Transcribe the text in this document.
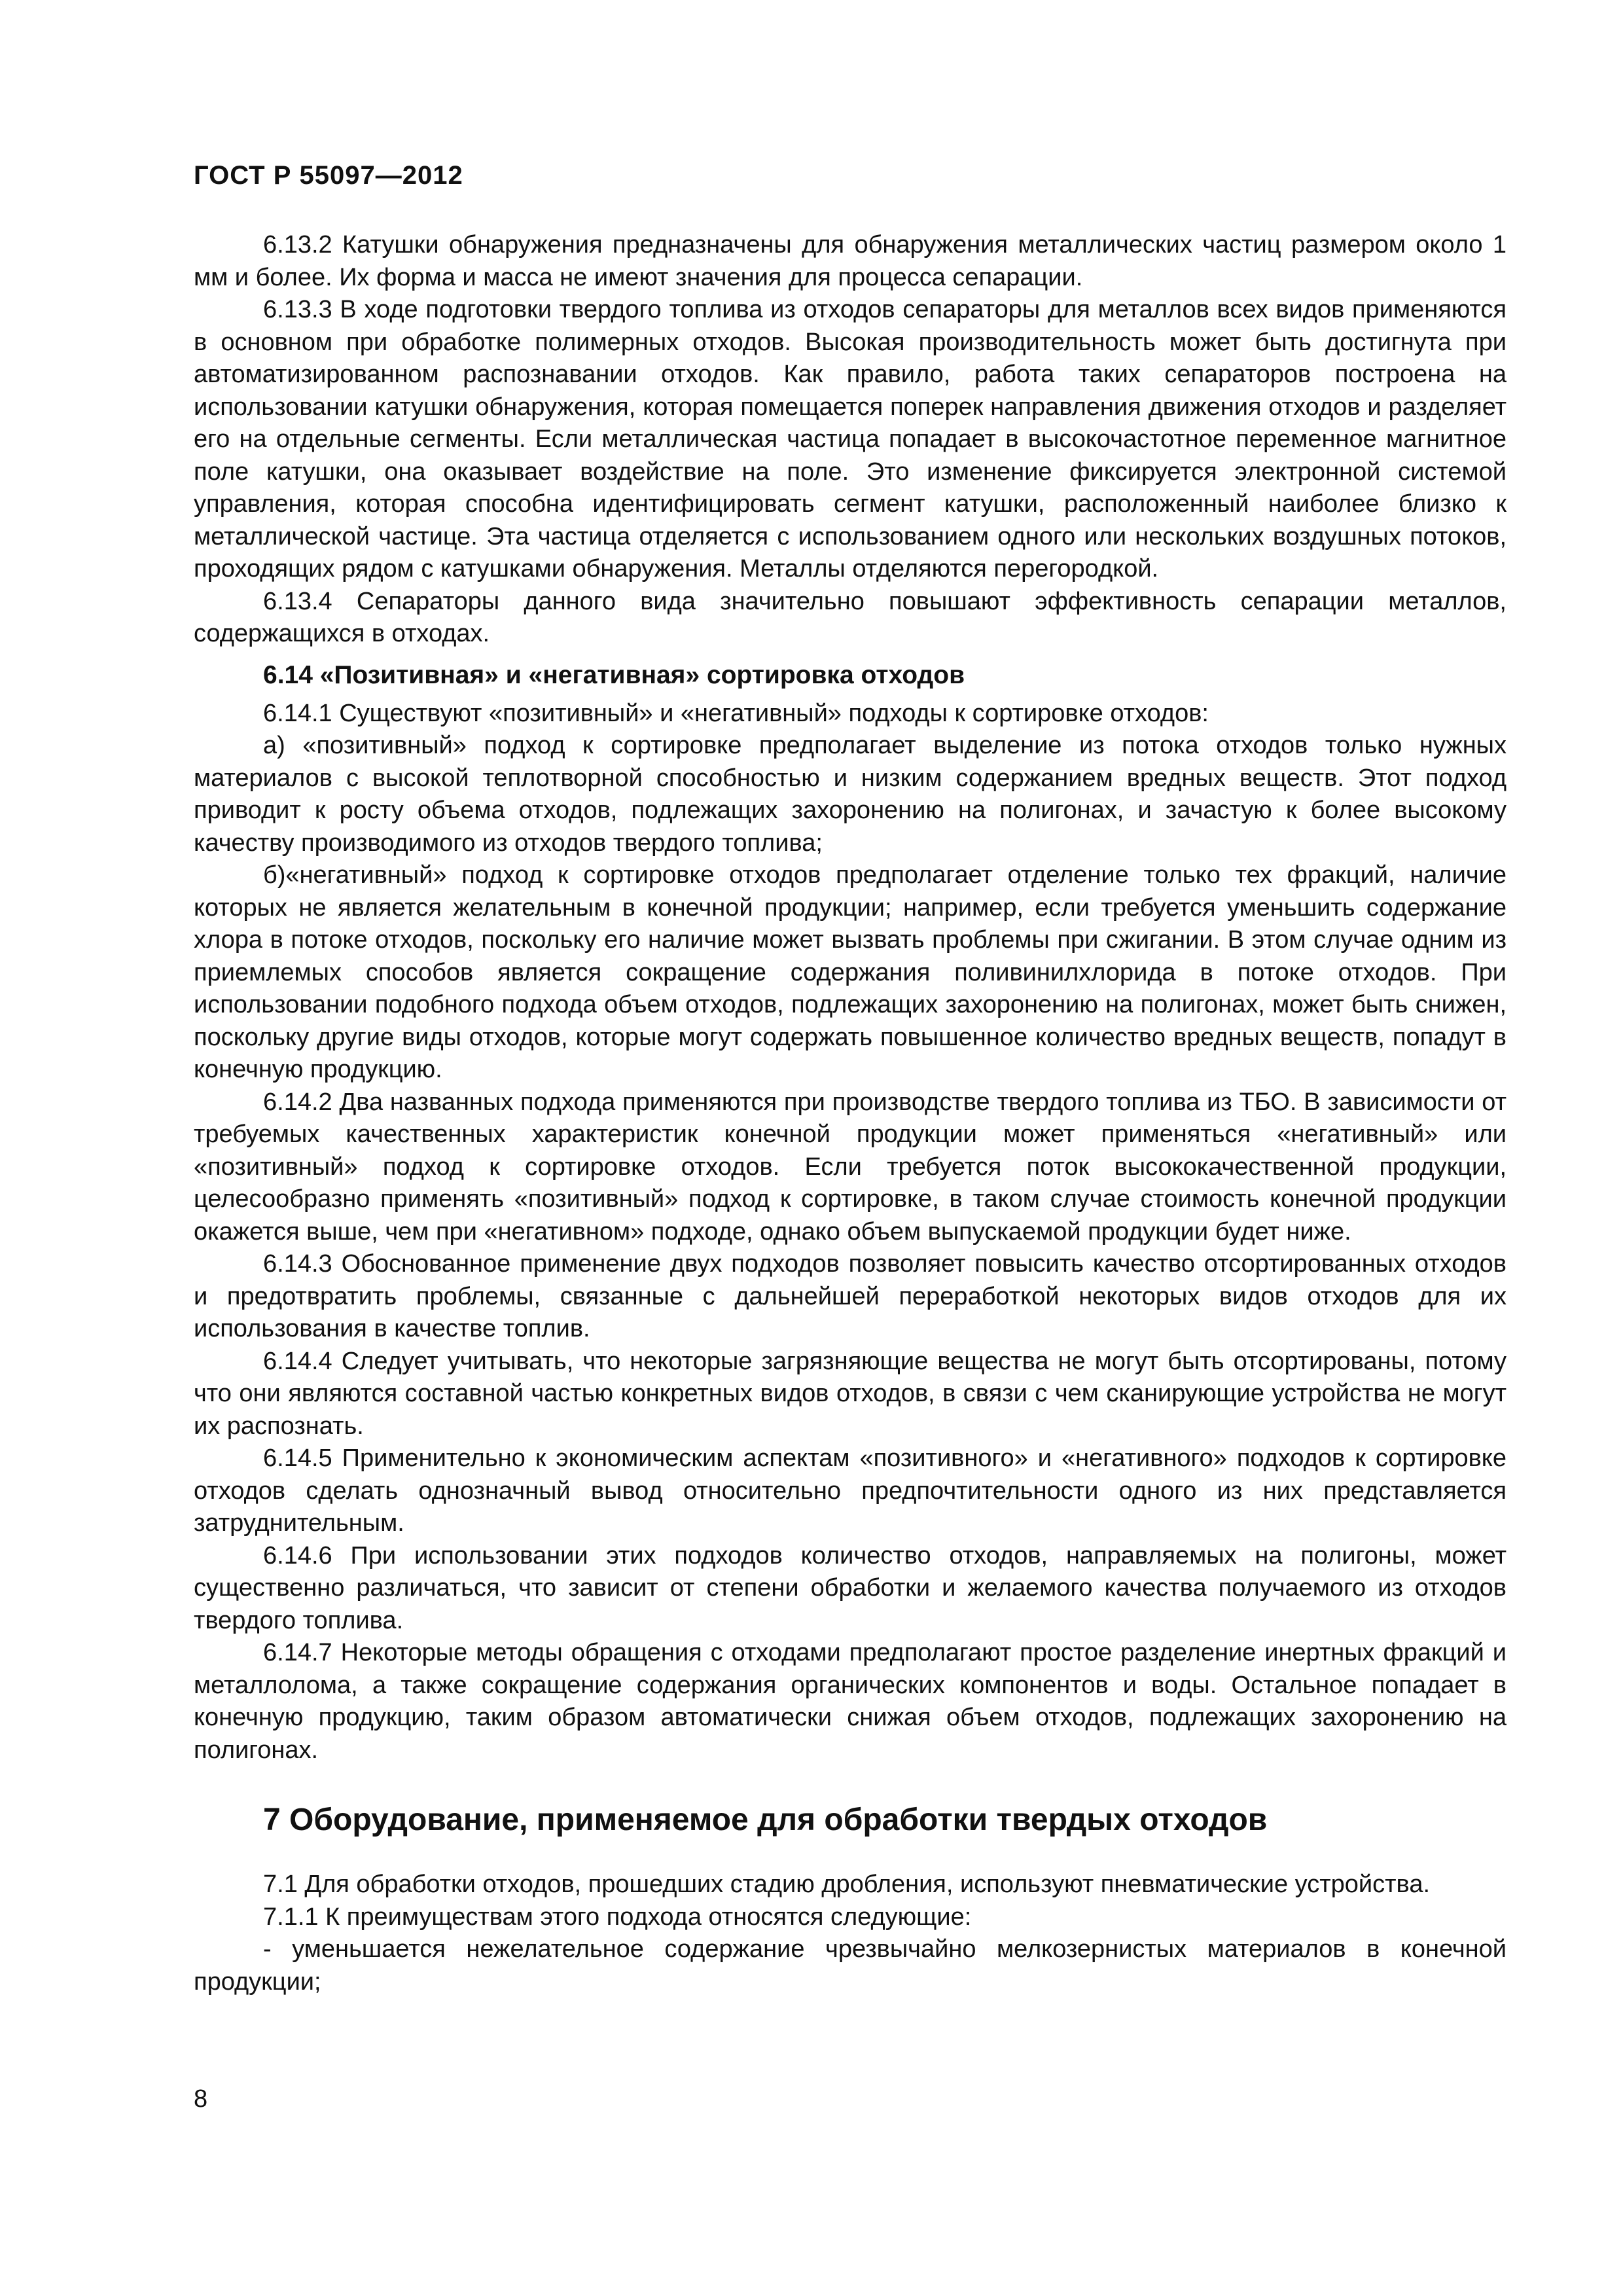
ГОСТ Р 55097—2012

6.13.2 Катушки обнаружения предназначены для обнаружения металлических частиц размером около 1 мм и более. Их форма и масса не имеют значения для процесса сепарации.

6.13.3 В ходе подготовки твердого топлива из отходов сепараторы для металлов всех видов применяются в основном при обработке полимерных отходов. Высокая производительность может быть достигнута при автоматизированном распознавании отходов. Как правило, работа таких сепараторов построена на использовании катушки обнаружения, которая помещается поперек направления движения отходов и разделяет его на отдельные сегменты. Если металлическая частица попадает в высокочастотное переменное магнитное поле катушки, она оказывает воздействие на поле. Это изменение фиксируется электронной системой управления, которая способна идентифицировать сегмент катушки, расположенный наиболее близко к металлической частице. Эта частица отделяется с использованием одного или нескольких воздушных потоков, проходящих рядом с катушками обнаружения. Металлы отделяются перегородкой.

6.13.4 Сепараторы данного вида значительно повышают эффективность сепарации металлов, содержащихся в отходах.

6.14 «Позитивная» и «негативная» сортировка отходов

6.14.1 Существуют «позитивный» и «негативный» подходы к сортировке отходов:

а) «позитивный» подход к сортировке предполагает выделение из потока отходов только нужных материалов с высокой теплотворной способностью и низким содержанием вредных веществ. Этот подход приводит к росту объема отходов, подлежащих захоронению на полигонах, и зачастую к более высокому качеству производимого из отходов твердого топлива;

б)«негативный» подход к сортировке отходов предполагает отделение только тех фракций, наличие которых не является желательным в конечной продукции; например, если требуется уменьшить содержание хлора в потоке отходов, поскольку его наличие может вызвать проблемы при сжигании. В этом случае одним из приемлемых способов является сокращение содержания поливинилхлорида в потоке отходов. При использовании подобного подхода объем отходов, подлежащих захоронению на полигонах, может быть снижен, поскольку другие виды отходов, которые могут содержать повышенное количество вредных веществ, попадут в конечную продукцию.

6.14.2 Два названных подхода применяются при производстве твердого топлива из ТБО. В зависимости от требуемых качественных характеристик конечной продукции может применяться «негативный» или «позитивный» подход к сортировке отходов. Если требуется поток высококачественной продукции, целесообразно применять «позитивный» подход к сортировке, в таком случае стоимость конечной продукции окажется выше, чем при «негативном» подходе, однако объем выпускаемой продукции будет ниже.

6.14.3 Обоснованное применение двух подходов позволяет повысить качество отсортированных отходов и предотвратить проблемы, связанные с дальнейшей переработкой некоторых видов отходов для их использования в качестве топлив.

6.14.4 Следует учитывать, что некоторые загрязняющие вещества не могут быть отсортированы, потому что они являются составной частью конкретных видов отходов, в связи с чем сканирующие устройства не могут их распознать.

6.14.5 Применительно к экономическим аспектам «позитивного» и «негативного» подходов к сортировке отходов сделать однозначный вывод относительно предпочтительности одного из них представляется затруднительным.

6.14.6 При использовании этих подходов количество отходов, направляемых на полигоны, может существенно различаться, что зависит от степени обработки и желаемого качества получаемого из отходов твердого топлива.

6.14.7 Некоторые методы обращения с отходами предполагают простое разделение инертных фракций и металлолома, а также сокращение содержания органических компонентов и воды. Остальное попадает в конечную продукцию, таким образом автоматически снижая объем отходов, подлежащих захоронению на полигонах.

7 Оборудование, применяемое для обработки твердых отходов

7.1 Для обработки отходов, прошедших стадию дробления, используют пневматические устройства.

7.1.1 К преимуществам этого подхода относятся следующие:

- уменьшается нежелательное содержание чрезвычайно мелкозернистых материалов в конечной продукции;

8
